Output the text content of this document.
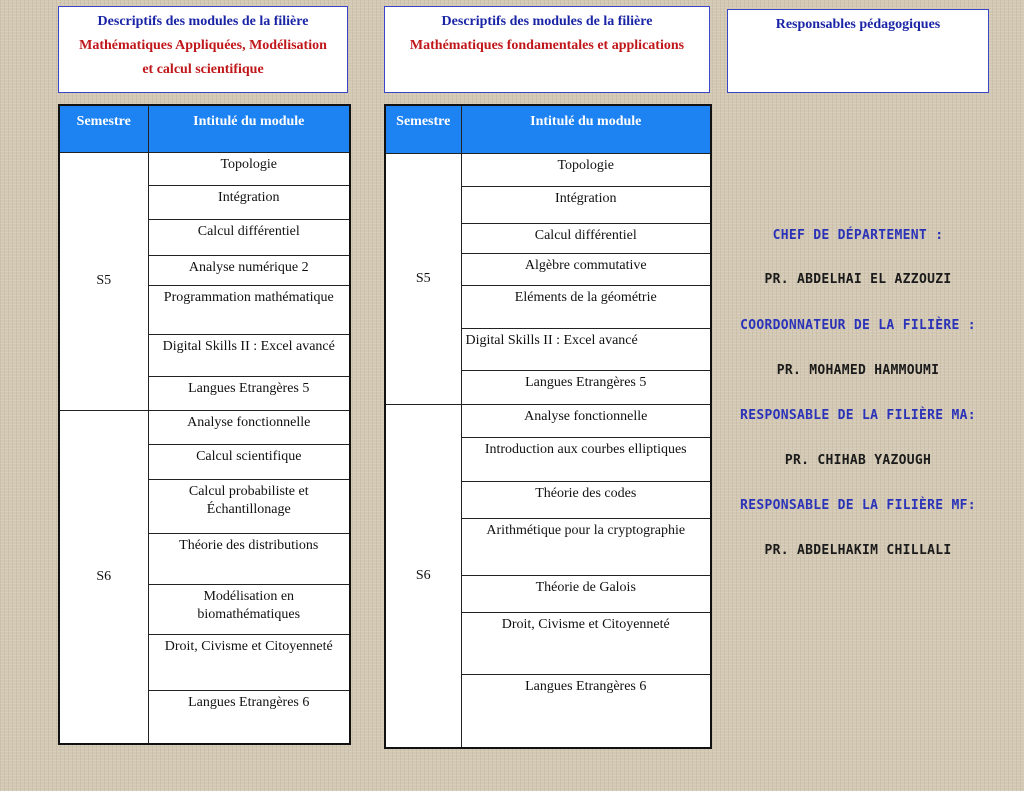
Descriptifs des modules de la filière
Mathématiques Appliquées, Modélisation
et calcul scientifique
Descriptifs des modules de la filière
Mathématiques fondamentales et applications
Responsables pédagogiques
Semestre	Intitulé du module
S5	Topologie
	Intégration
	Calcul différentiel
	Analyse numérique 2
	Programmation mathématique
	Digital Skills II : Excel avancé
	Langues Etrangères 5
S6	Analyse fonctionnelle
	Calcul scientifique
	Calcul probabiliste et Échantillonage
	Théorie des distributions
	Modélisation en biomathématiques
	Droit, Civisme et Citoyenneté
	Langues Etrangères 6
Semestre	Intitulé du module
S5	Topologie
	Intégration
	Calcul différentiel
	Algèbre commutative
	Eléments de la géométrie
	Digital Skills II : Excel avancé
	Langues Etrangères 5
S6	Analyse fonctionnelle
	Introduction aux courbes elliptiques
	Théorie des codes
	Arithmétique pour la cryptographie
	Théorie de Galois
	Droit, Civisme et Citoyenneté
	Langues Etrangères 6
CHEF DE DÉPARTEMENT :
PR. ABDELHAI EL AZZOUZI
COORDONNATEUR DE LA FILIÈRE :
PR. MOHAMED HAMMOUMI
RESPONSABLE DE LA FILIÈRE MA:
PR. CHIHAB YAZOUGH
RESPONSABLE DE LA FILIÈRE MF:
PR. ABDELHAKIM CHILLALI
